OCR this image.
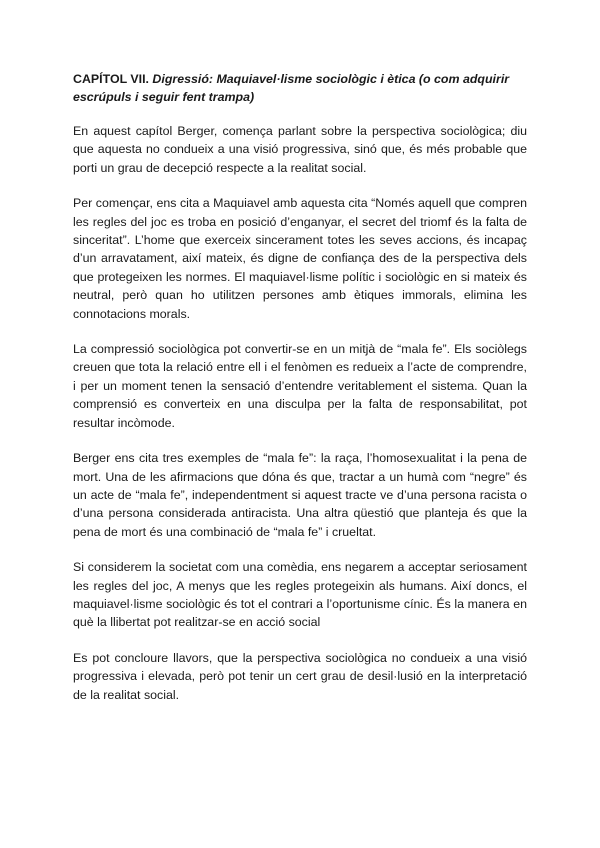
CAPÍTOL VII. Digressió: Maquiavel·lisme sociològic i ètica (o com adquirir escrúpuls i seguir fent trampa)

En aquest capítol Berger, comença parlant sobre la perspectiva sociològica; diu que aquesta no condueix a una visió progressiva, sinó que, és més probable que porti un grau de decepció respecte a la realitat social.

Per començar, ens cita a Maquiavel amb aquesta cita “Només aquell que compren les regles del joc es troba en posició d’enganyar, el secret del triomf és la falta de sinceritat”. L’home que exerceix sincerament totes les seves accions, és incapaç d’un arravatament, així mateix, és digne de confiança des de la perspectiva dels que protegeixen les normes. El maquiavel·lisme polític i sociològic en si mateix és neutral, però quan ho utilitzen persones amb ètiques immorals, elimina les connotacions morals.

La compressió sociològica pot convertir-se en un mitjà de “mala fe”. Els sociòlegs creuen que tota la relació entre ell i el fenòmen es redueix a l’acte de comprendre, i per un moment tenen la sensació d’entendre veritablement el sistema. Quan la comprensió es converteix en una disculpa per la falta de responsabilitat, pot resultar incòmode.

Berger ens cita tres exemples de “mala fe”: la raça, l’homosexualitat i la pena de mort. Una de les afirmacions que dóna és que, tractar a un humà com “negre” és un acte de “mala fe”, independentment si aquest tracte ve d’una persona racista o d’una persona considerada antiracista. Una altra qüestió que planteja és que la pena de mort és una combinació de “mala fe” i crueltat.

Si considerem la societat com una comèdia, ens negarem a acceptar seriosament les regles del joc, A menys que les regles protegeixin als humans. Així doncs, el maquiavel·lisme sociològic és tot el contrari a l’oportunisme cínic. És la manera en què la llibertat pot realitzar-se en acció social

Es pot concloure llavors, que la perspectiva sociològica no condueix a una visió progressiva i elevada, però pot tenir un cert grau de desil·lusió en la interpretació de la realitat social.
